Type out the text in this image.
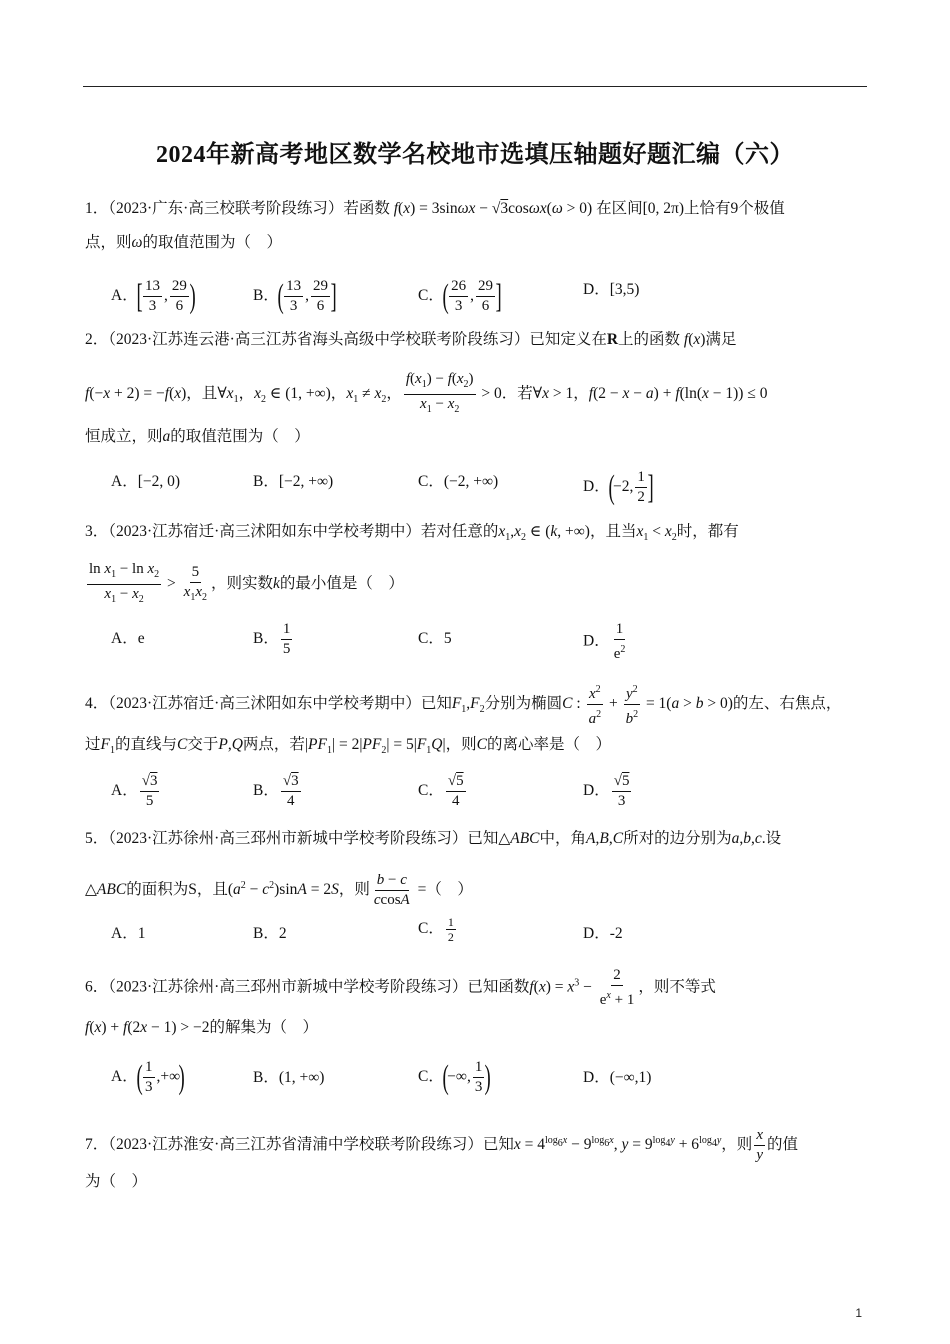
2024年新高考地区数学名校地市选填压轴题好题汇编（六）
1．（2023·广东·高三校联考阶段练习）若函数 f(x) = 3sinωx − √3cosωx(ω > 0) 在区间[0, 2π)上恰有9个极值
点，则ω的取值范围为（　）
A．[ $\frac{13}{3}$ , $\frac{29}{6}$ )	B．( $\frac{13}{3}$ , $\frac{29}{6}$ ]	C．( $\frac{26}{3}$ , $\frac{29}{6}$ ]	D．[3,5)
2．（2023·江苏连云港·高三江苏省海头高级中学校联考阶段练习）已知定义在R上的函数 f(x)满足
f(−x + 2) = −f(x)，且$\forall x_1$，$x_2$ ∈ (1, +∞)，$x_1 \ne x_2$， $\frac{f(x_1) - f(x_2)}{x_1 - x_2} > 0$．若∀x > 1，f(2 − x − a) + f(ln(x − 1)) ≤ 0
恒成立，则a的取值范围为（　）
A．[−2, 0)	B．[−2, +∞)	C．(−2, +∞)	D．(−2, $\frac{1}{2}$ ]
3．（2023·江苏宿迁·高三沭阳如东中学校考期中）若对任意的$x_1,x_2$ ∈ (k, +∞)，且当$x_1 < x_2$时，都有
$\frac{\ln x_1 - \ln x_2}{x_1 - x_2} > \frac{5}{x_1x_2}$ ，则实数k的最小值是（　）
A．e	B． $\frac{1}{5}$	C．5	D． $\frac{1}{e^2}$
4．（2023·江苏宿迁·高三沭阳如东中学校考期中）已知$F_1,F_2$分别为椭圆C : $\frac{x^2}{a^2} + \frac{y^2}{b^2} = 1(a > b > 0)$的左、右焦点，
过$F_1$的直线与C交于P,Q两点，若$|PF_1| = 2|PF_2| = 5|F_1Q|$，则C的离心率是（　）
A． $\frac{√3}{5}$	B． $\frac{√3}{4}$	C． $\frac{√5}{4}$	D． $\frac{√5}{3}$
5．（2023·江苏徐州·高三邳州市新城中学校考阶段练习）已知△ABC中，角A,B,C所对的边分别为a,b,c.设
△ABC的面积为S，且$(a^2 - c^2)\sin A = 2S$，则 $\frac{b - c}{ccosA}$ =（　）
A．1	B．2	C． $\frac{1}{2}$	D．-2
6．（2023·江苏徐州·高三邳州市新城中学校考阶段练习）已知函数$f(x) = x^3 - \frac{2}{e^x + 1}$ ，则不等式
f(x) + f(2x − 1) > −2的解集为（　）
A．( $\frac{1}{3}$ ,+∞)	B．(1, +∞)	C．(−∞, $\frac{1}{3}$ )	D．(−∞,1)
7．（2023·江苏淮安·高三江苏省清浦中学校联考阶段练习）已知$x = 4^{log_6x} - 9^{log_6x}$, $y = 9^{log_4y} + 6^{log_4y}$，则 $\frac{x}{y}$ 的值
为（　）
1
